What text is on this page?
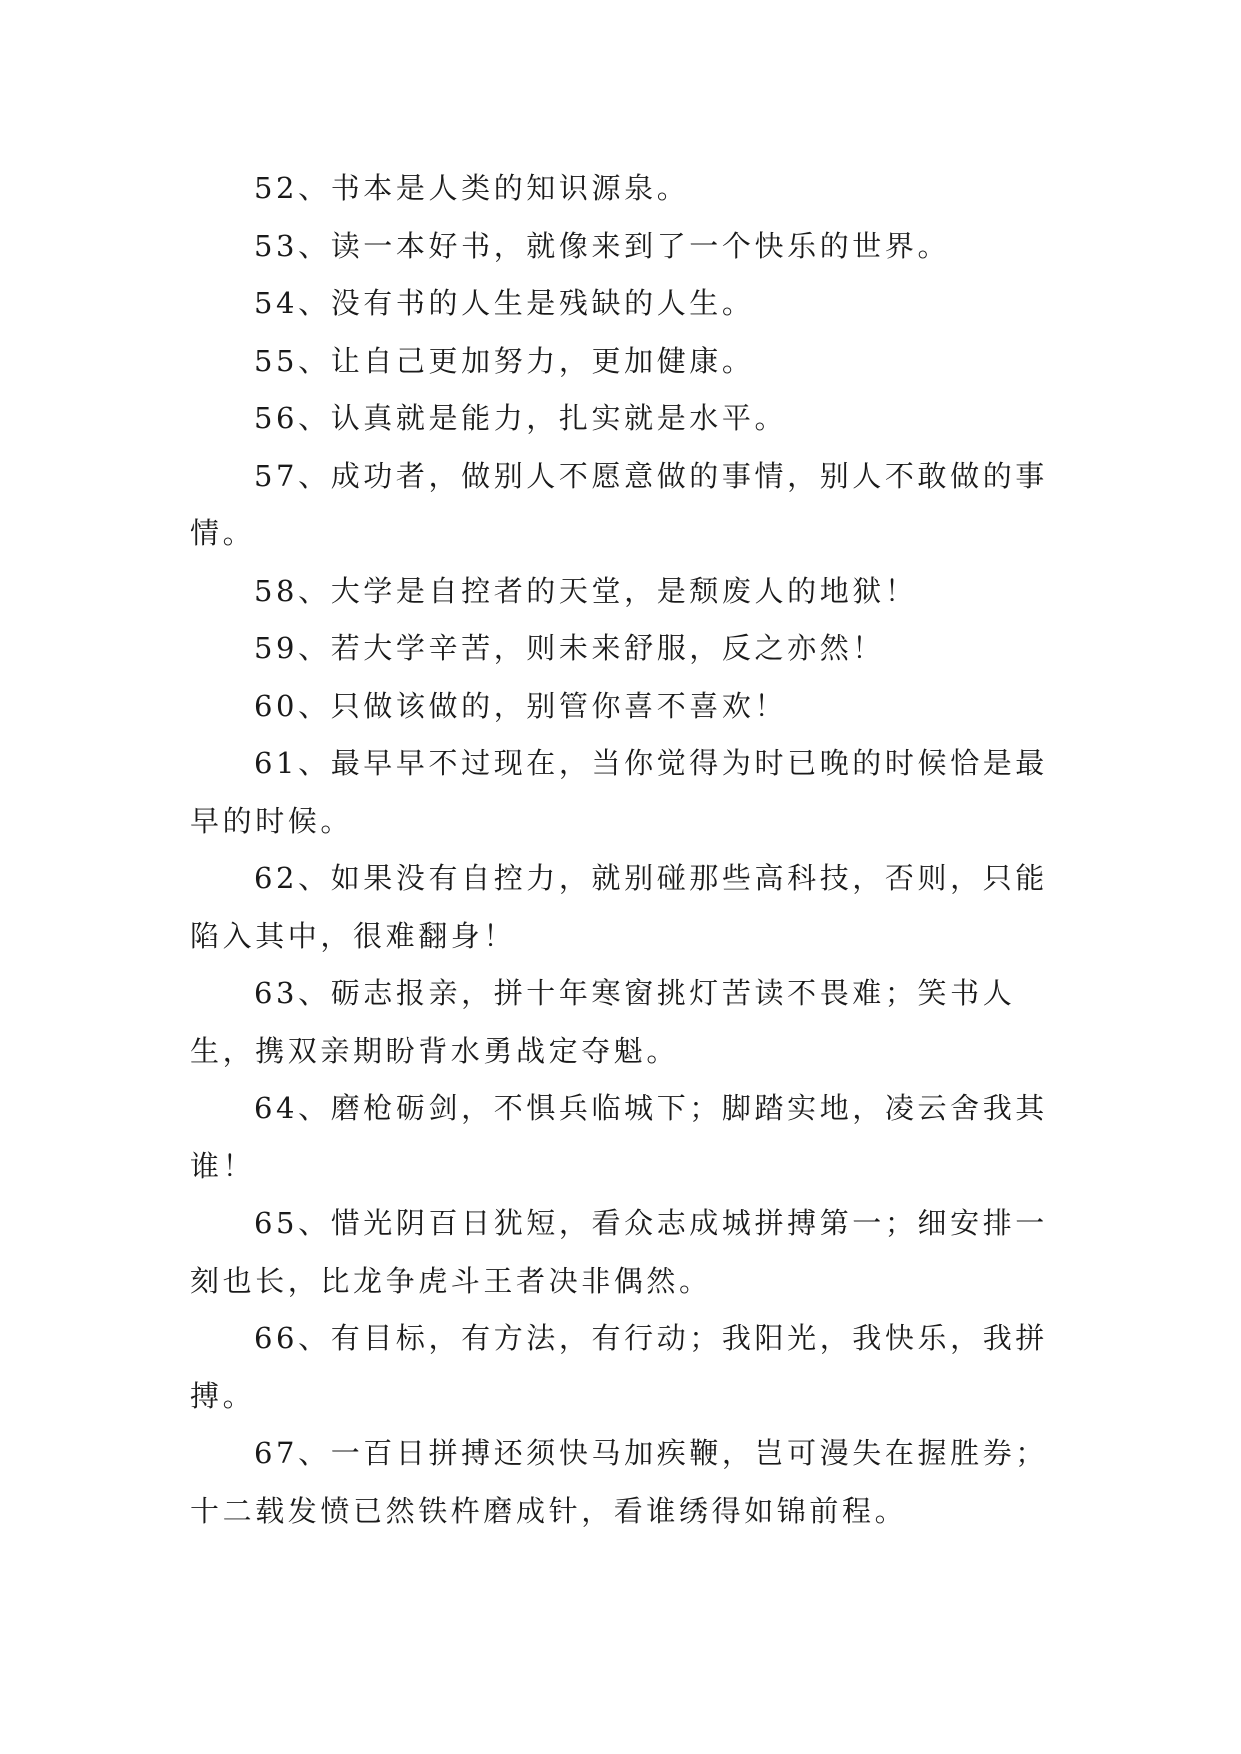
52、书本是人类的知识源泉。

53、读一本好书，就像来到了一个快乐的世界。

54、没有书的人生是残缺的人生。

55、让自己更加努力，更加健康。

56、认真就是能力，扎实就是水平。

57、成功者，做别人不愿意做的事情，别人不敢做的事情。

58、大学是自控者的天堂，是颓废人的地狱！

59、若大学辛苦，则未来舒服，反之亦然！

60、只做该做的，别管你喜不喜欢！

61、最早早不过现在，当你觉得为时已晚的时候恰是最早的时候。

62、如果没有自控力，就别碰那些高科技，否则，只能陷入其中，很难翻身！

63、砺志报亲，拼十年寒窗挑灯苦读不畏难；笑书人生，携双亲期盼背水勇战定夺魁。

64、磨枪砺剑，不惧兵临城下；脚踏实地，凌云舍我其谁！

65、惜光阴百日犹短，看众志成城拼搏第一；细安排一刻也长，比龙争虎斗王者决非偶然。

66、有目标，有方法，有行动；我阳光，我快乐，我拼搏。

67、一百日拼搏还须快马加疾鞭，岂可漫失在握胜券；十二载发愤已然铁杵磨成针，看谁绣得如锦前程。
